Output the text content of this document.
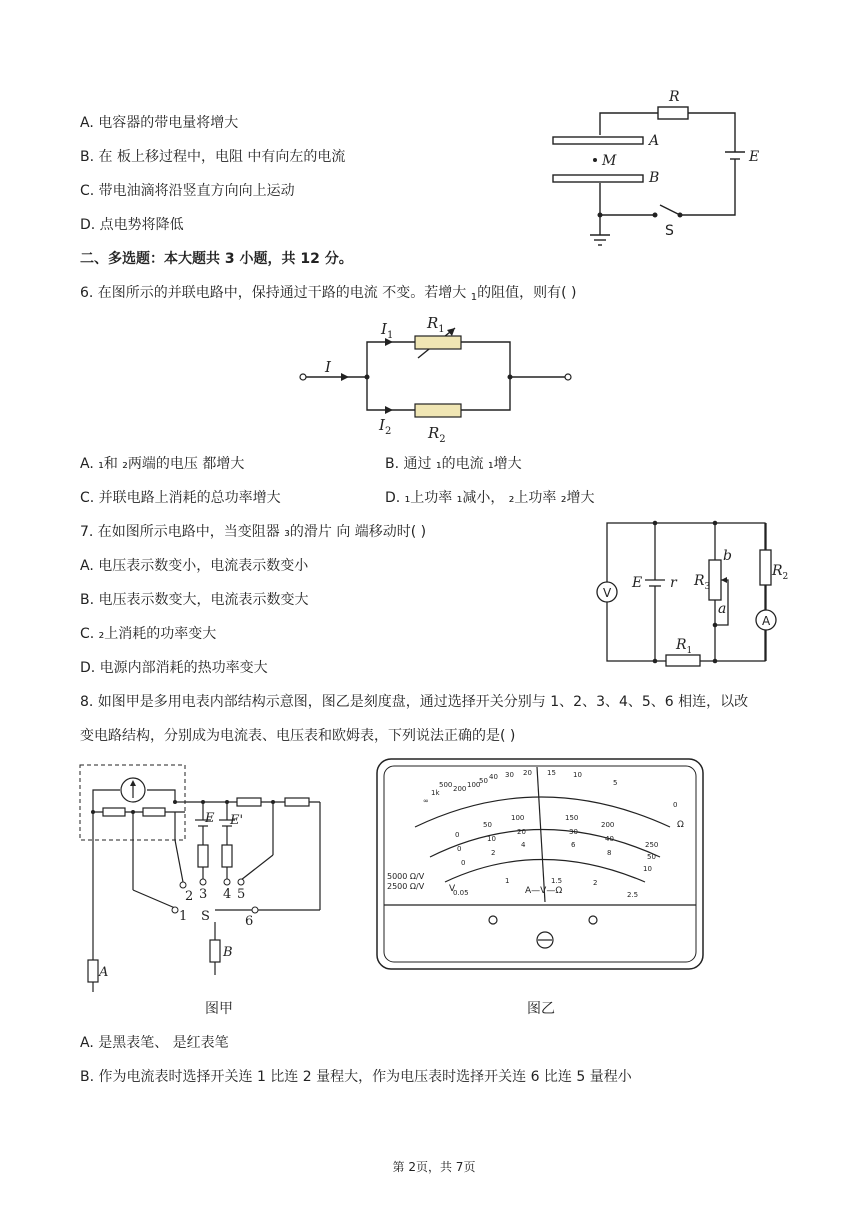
A. 电容器的带电量将增大
B. 在 板上移过程中，电阻 中有向左的电流
C. 带电油滴将沿竖直方向向上运动
D. 点电势将降低
R
A
B
M	E
S
二、多选题：本大题共 3 小题，共 12 分。
6. 在图所示的并联电路中，保持通过干路的电流 不变。若增大 $_1$的阻值，则有( )
I
$I_1$
$R_1$
$I_2$ $R_2$
A. ₁和 ₂两端的电压 都增大	B. 通过 ₁的电流 ₁增大
C. 并联电路上消耗的总功率增大	D. ₁上功率 ₁减小， ₂上功率 ₂增大
7. 在如图所示电路中，当变阻器 ₃的滑片 向 端移动时( )
A. 电压表示数变小，电流表示数变小
B. 电压表示数变大，电流表示数变大
C. ₂上消耗的功率变大
D. 电源内部消耗的热功率变大
V
A
E r $R_3$
b
a
$R_2$
$R_1$
8. 如图甲是多用电表内部结构示意图，图乙是刻度盘，通过选择开关分别与 1、2、3、4、5、6 相连，以改
变电路结构，分别成为电流表、电压表和欧姆表，下列说法正确的是( )
E E'
2
1
3 4 5
6
S
A
B
图甲
∞
1k
500 200 100
50 40 30 20 15 10
5
0
Ω
0
50
100	150
200
250
0
10
20	30
40
50
0
2
4	6
8
10
0.05
1	1.5	2
2.5
V
5000 Ω/V
2500 Ω/V	A—V—Ω
图乙
A. 是黑表笔、 是红表笔
B. 作为电流表时选择开关连 1 比连 2 量程大，作为电压表时选择开关连 6 比连 5 量程小
第 2页，共 7页
